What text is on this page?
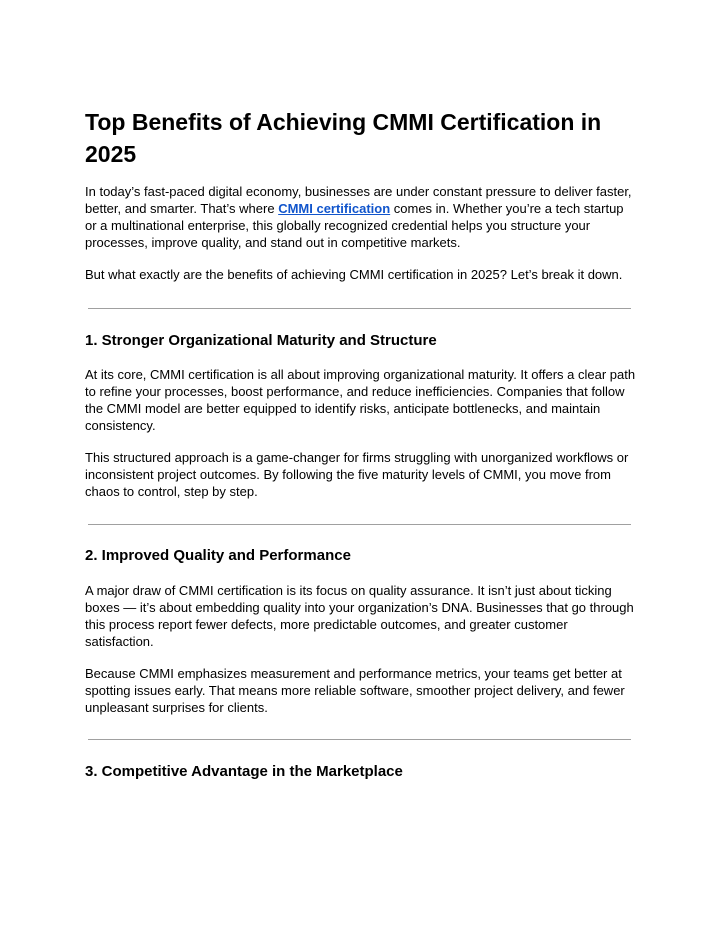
Top Benefits of Achieving CMMI Certification in 2025

In today’s fast-paced digital economy, businesses are under constant pressure to deliver faster, better, and smarter. That’s where CMMI certification comes in. Whether you’re a tech startup or a multinational enterprise, this globally recognized credential helps you structure your processes, improve quality, and stand out in competitive markets.

But what exactly are the benefits of achieving CMMI certification in 2025? Let’s break it down.

1. Stronger Organizational Maturity and Structure

At its core, CMMI certification is all about improving organizational maturity. It offers a clear path to refine your processes, boost performance, and reduce inefficiencies. Companies that follow the CMMI model are better equipped to identify risks, anticipate bottlenecks, and maintain consistency.

This structured approach is a game-changer for firms struggling with unorganized workflows or inconsistent project outcomes. By following the five maturity levels of CMMI, you move from chaos to control, step by step.

2. Improved Quality and Performance

A major draw of CMMI certification is its focus on quality assurance. It isn’t just about ticking boxes — it’s about embedding quality into your organization’s DNA. Businesses that go through this process report fewer defects, more predictable outcomes, and greater customer satisfaction.

Because CMMI emphasizes measurement and performance metrics, your teams get better at spotting issues early. That means more reliable software, smoother project delivery, and fewer unpleasant surprises for clients.

3. Competitive Advantage in the Marketplace
